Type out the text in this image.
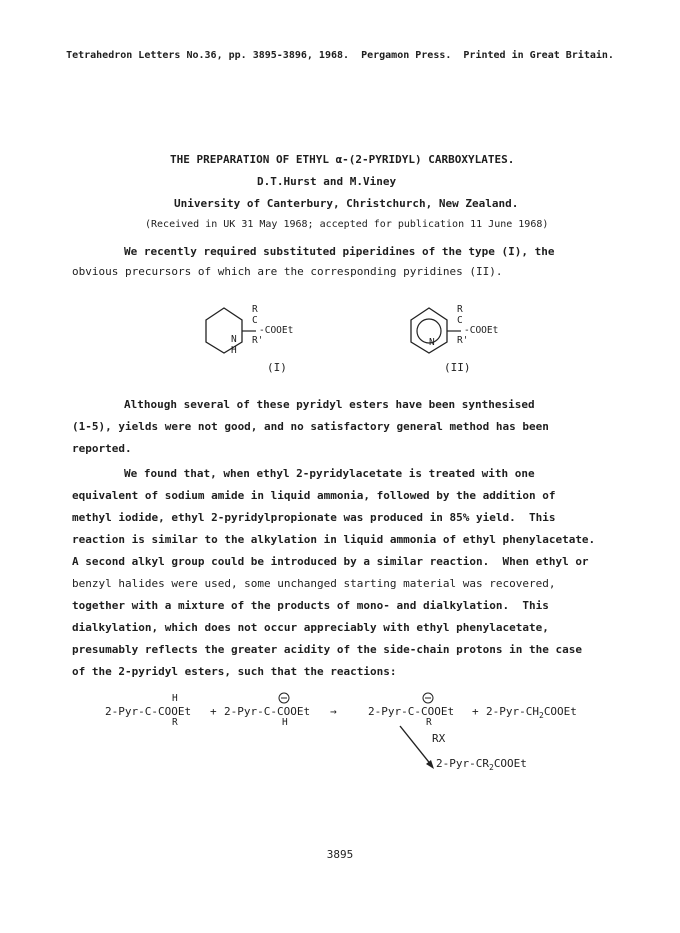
Tetrahedron Letters No.36, pp. 3895-3896, 1968.  Pergamon Press.  Printed in Great Britain.
THE PREPARATION OF ETHYL α-(2-PYRIDYL) CARBOXYLATES.
D.T.Hurst and M.Viney
University of Canterbury, Christchurch, New Zealand.
(Received in UK 31 May 1968; accepted for publication 11 June 1968)
We recently required substituted piperidines of the type (I), the
obvious precursors of which are the corresponding pyridines (II).
R
C
-COOEt
R'
N
H
(I)
R
C
-COOEt
R'
N
(II)
Although several of these pyridyl esters have been synthesised
(1-5), yields were not good, and no satisfactory general method has been
reported.
We found that, when ethyl 2-pyridylacetate is treated with one
equivalent of sodium amide in liquid ammonia, followed by the addition of
methyl iodide, ethyl 2-pyridylpropionate was produced in 85% yield.  This
reaction is similar to the alkylation in liquid ammonia of ethyl phenylacetate.
A second alkyl group could be introduced by a similar reaction.  When ethyl or
benzyl halides were used, some unchanged starting material was recovered,
together with a mixture of the products of mono- and dialkylation.  This
dialkylation, which does not occur appreciably with ethyl phenylacetate,
presumably reflects the greater acidity of the side-chain protons in the case
of the 2-pyridyl esters, such that the reactions:
H
2-Pyr-C-COOEt
R
+ 2-Pyr-C-COOEt
H
→	2-Pyr-C-COOEt
R
+ $2-Pyr-CH_2COOEt$
RX
$2-Pyr-CR_2COOEt$
3895
